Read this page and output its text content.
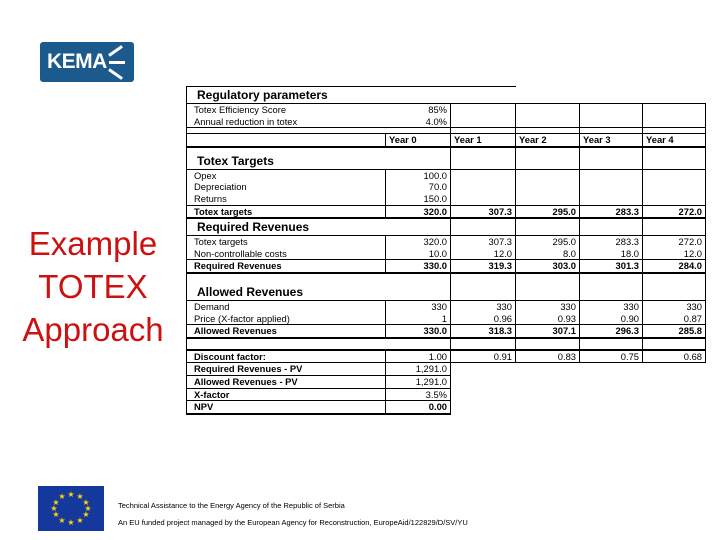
KEMA
Example
TOTEX
Approach
Regulatory parameters					
Totex Efficiency Score	85%				
Annual reduction in totex	4.0%				

	Year 0	Year 1	Year 2	Year 3	Year 4

Totex Targets					
Opex	100.0				
Depreciation	70.0				
Returns	150.0				
Totex targets	320.0	307.3	295.0	283.3	272.0
Required Revenues					
Totex targets	320.0	307.3	295.0	283.3	272.0
Non-controllable costs	10.0	12.0	8.0	18.0	12.0
Required Revenues	330.0	319.3	303.0	301.3	284.0

Allowed Revenues					
Demand	330	330	330	330	330
Price (X-factor applied)	1	0.96	0.93	0.90	0.87
Allowed Revenues	330.0	318.3	307.1	296.3	285.8

Discount factor:	1.00	0.91	0.83	0.75	0.68
Required Revenues - PV	1,291.0				
Allowed Revenues - PV	1,291.0				
X-factor	3.5%				
NPV	0.00				
★ ★
★
★
★
★
★
★
★
★
★
★
Technical Assistance to the Energy Agency of the Republic of Serbia
An EU funded project managed by the European Agency for Reconstruction, EuropeAid/122829/D/SV/YU
